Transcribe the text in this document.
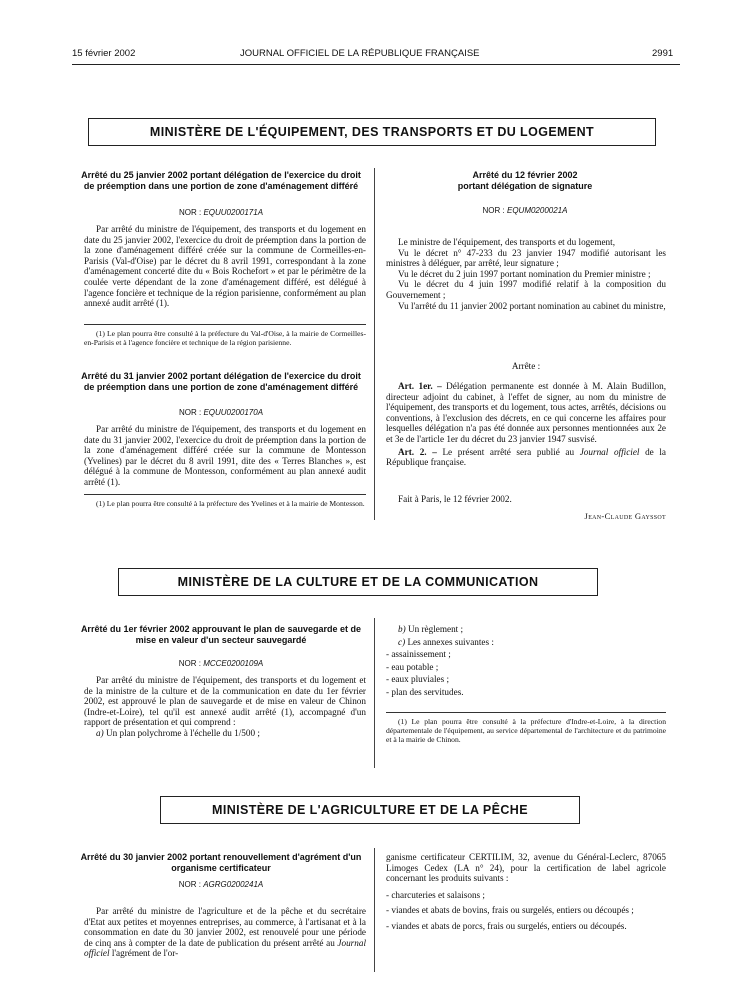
15 février 2002	JOURNAL OFFICIEL DE LA RÉPUBLIQUE FRANÇAISE	2991
MINISTÈRE DE L'ÉQUIPEMENT, DES TRANSPORTS ET DU LOGEMENT
Arrêté du 25 janvier 2002 portant délégation de l'exercice du droit de préemption dans une portion de zone d'aménagement différé
NOR : EQUU0200171A

Par arrêté du ministre de l'équipement, des transports et du logement en date du 25 janvier 2002, l'exercice du droit de préemption dans la portion de la zone d'aménagement différé créée sur la commune de Cormeilles-en-Parisis (Val-d'Oise) par le décret du 8 avril 1991, correspondant à la zone d'aménagement concerté dite du « Bois Rochefort » et par le périmètre de la coulée verte dépendant de la zone d'aménagement différé, est délégué à l'agence foncière et technique de la région parisienne, conformément au plan annexé audit arrêté (1).

(1) Le plan pourra être consulté à la préfecture du Val-d'Oise, à la mairie de Cormeilles-en-Parisis et à l'agence foncière et technique de la région parisienne.

Arrêté du 31 janvier 2002 portant délégation de l'exercice du droit de préemption dans une portion de zone d'aménagement différé
NOR : EQUU0200170A

Par arrêté du ministre de l'équipement, des transports et du logement en date du 31 janvier 2002, l'exercice du droit de préemption dans la portion de la zone d'aménagement différé créée sur la commune de Montesson (Yvelines) par le décret du 8 avril 1991, dite des « Terres Blanches », est délégué à la commune de Montesson, conformément au plan annexé audit arrêté (1).

(1) Le plan pourra être consulté à la préfecture des Yvelines et à la mairie de Montesson.

Arrêté du 12 février 2002
portant délégation de signature
NOR : EQUM0200021A

Le ministre de l'équipement, des transports et du logement,

Vu le décret n° 47-233 du 23 janvier 1947 modifié autorisant les ministres à déléguer, par arrêté, leur signature ;

Vu le décret du 2 juin 1997 portant nomination du Premier ministre ;

Vu le décret du 4 juin 1997 modifié relatif à la composition du Gouvernement ;

Vu l'arrêté du 11 janvier 2002 portant nomination au cabinet du ministre,

Arrête :

Art. 1er. – Délégation permanente est donnée à M. Alain Budillon, directeur adjoint du cabinet, à l'effet de signer, au nom du ministre de l'équipement, des transports et du logement, tous actes, arrêtés, décisions ou conventions, à l'exclusion des décrets, en ce qui concerne les affaires pour lesquelles délégation n'a pas été donnée aux personnes mentionnées aux 2e et 3e de l'article 1er du décret du 23 janvier 1947 susvisé.

Art. 2. – Le présent arrêté sera publié au Journal officiel de la République française.

Fait à Paris, le 12 février 2002.

Jean-Claude Gayssot
MINISTÈRE DE LA CULTURE ET DE LA COMMUNICATION
Arrêté du 1er février 2002 approuvant le plan de sauvegarde et de mise en valeur d'un secteur sauvegardé
NOR : MCCE0200109A

Par arrêté du ministre de l'équipement, des transports et du logement et de la ministre de la culture et de la communication en date du 1er février 2002, est approuvé le plan de sauvegarde et de mise en valeur de Chinon (Indre-et-Loire), tel qu'il est annexé audit arrêté (1), accompagné d'un rapport de présentation et qui comprend :

a) Un plan polychrome à l'échelle du 1/500 ;

b) Un règlement ;

c) Les annexes suivantes :

- assainissement ;
- eau potable ;
- eaux pluviales ;
- plan des servitudes.

(1) Le plan pourra être consulté à la préfecture d'Indre-et-Loire, à la direction départementale de l'équipement, au service départemental de l'architecture et du patrimoine et à la mairie de Chinon.

MINISTÈRE DE L'AGRICULTURE ET DE LA PÊCHE
Arrêté du 30 janvier 2002 portant renouvellement d'agrément d'un organisme certificateur
NOR : AGRG0200241A

Par arrêté du ministre de l'agriculture et de la pêche et du secrétaire d'Etat aux petites et moyennes entreprises, au commerce, à l'artisanat et à la consommation en date du 30 janvier 2002, est renouvelé pour une période de cinq ans à compter de la date de publication du présent arrêté au Journal officiel l'agrément de l'or-

ganisme certificateur CERTILIM, 32, avenue du Général-Leclerc, 87065 Limoges Cedex (LA n° 24), pour la certification de label agricole concernant les produits suivants :

- charcuteries et salaisons ;
- viandes et abats de bovins, frais ou surgelés, entiers ou découpés ;
- viandes et abats de porcs, frais ou surgelés, entiers ou découpés.
